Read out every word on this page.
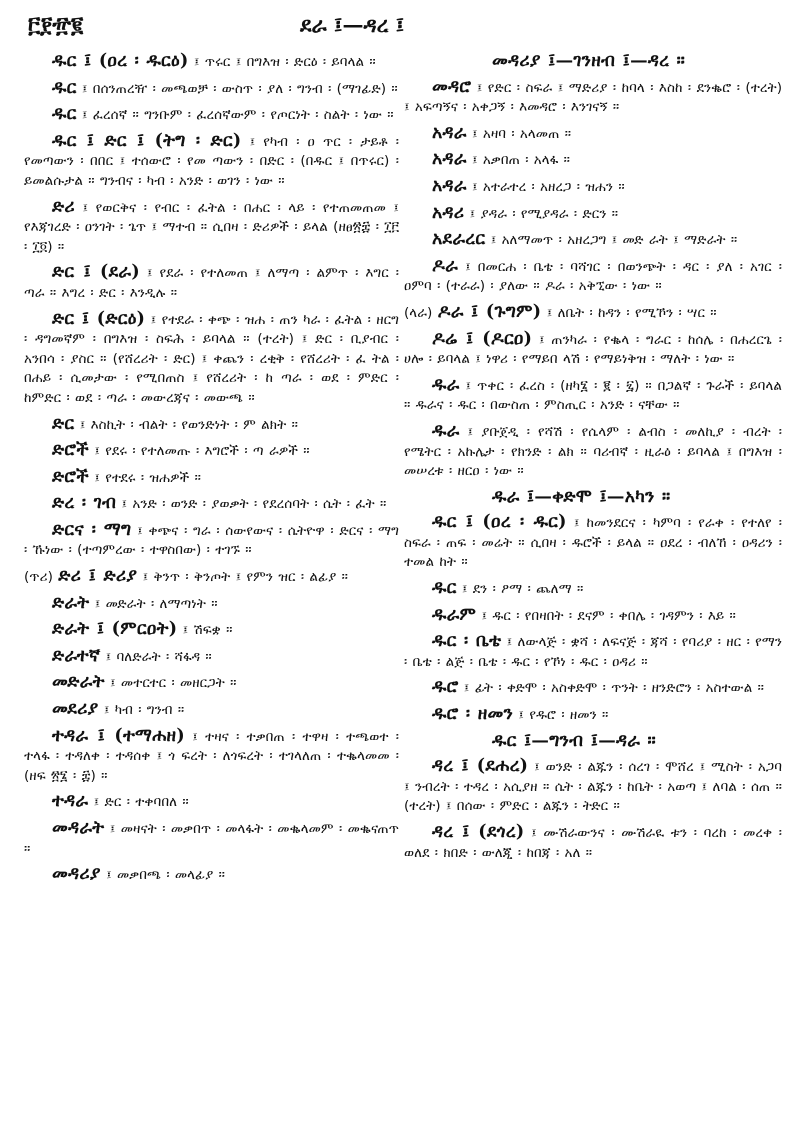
፫፻፹፪	ደራ ፤—ዳረ ፤

ዱር ፤ (ዐረ ፡ ዱርዕ) ፤ ጥሩር ፤ በግእዝ ፡ ድርዕ ፡ ይባላል ።

ዱር ፤ በሰንጠረዥ ፡ መጫወቻ ፡ ውስጥ ፡ ያለ ፡ ግንብ ፡ (ማገፊድ) ።

ዱር ፤ ፈረሰኛ ። ግንቡም ፡ ፈረሰኛውም ፡ የጦርነት ፡ ስልት ፡ ነው ።

ዱር ፤ ድር ፤ (ትግ ፡ ድር) ፤ የካብ ፡ ዐ ጥር ፡ ታይቶ ፡ የመጣውን ፡ በበር ፤ ተሰውሮ ፡ የመ ጣውን ፡ በድር ፡ (በዱር ፤ በጥሩር) ፡ ይመልሱታል ። ግንብና ፡ ካብ ፡ አንድ ፡ ወገን ፡ ነው ።

ድሪ ፤ የወርቅና ፡ የብር ፡ ፈትል ፡ በሐር ፡ ላይ ፡ የተጠመጠመ ፤ የእጃገረድ ፡ ዐንገት ፡ ጌጥ ፤ ማተብ ። ሲበዛ ፡ ድሪዎች ፡ ይላል (ዘፀ፳፰ ፡ ፲፫ ፡ ፲፬) ።

ድር ፤ (ደራ) ፤ የደራ ፡ የተለመጠ ፤ ለማጣ ፡ ልምጥ ፡ እግር ፡ ጣራ ። እግረ ፡ ድር ፡ እንዲሉ ።

ድር ፤ (ድርዕ) ፤ የተደራ ፡ ቀጭ ፡ ዝሐ ፡ ጠን ካራ ፡ ፈትል ፡ ዘርግ ፡ ዳግመኛም ፡ በግእዝ ፡ ስፍሕ ፡ ይባላል ። (ተረት) ፤ ድር ፡ ቢያብር ፡ አንበሳ ፡ ያስር ። (የሸረሪት ፡ ድር) ፤ ቀጨን ፡ ረቂቅ ፡ የሸረሪት ፡ ፈ ትል ፡ በሐይ ፡ ሲመታው ፡ የሚበጠስ ፤ የሸረሪት ፡ ከ ጣራ ፡ ወደ ፡ ምድር ፡ ከምድር ፡ ወደ ፡ ጣራ ፡ መውረጃና ፡ መውጫ ።

ድር ፤ እስኪት ፡ ብልት ፡ የወንድነት ፡ ም ልክት ።

ድሮች ፤ የደሩ ፡ የተለመጡ ፡ እግሮች ፡ ጣ ራዎች ።

ድሮች ፤ የተደሩ ፡ ዝሐዎች ።

ድረ ፡ ገብ ፤ አንድ ፡ ወንድ ፡ ያወቃት ፡ የደረሰባት ፡ ሴት ፡ ፈት ።

ድርና ፡ ማግ ፤ ቀጭና ፡ ግራ ፡ ሰውየውና ፡ ሴትዮዋ ፡ ድርና ፡ ማግ ፡ ኹነው ፡ (ተጣምረው ፡ ተዋስበው) ፡ ተገኙ ።

(ጥሪ) ድሪ ፤ ድሪያ ፤ ቅንጥ ፡ ቅንጦት ፤ የምን ዝር ፡ ልፊያ ።

ድራት ፤ መድራት ፡ ለማጣነት ።

ድራት ፤ (ምርዐት) ፤ ሽፍቋ ።

ድራተኛ ፤ ባለድራት ፡ ሻፋዳ ።

መድራት ፤ መተርተር ፡ መዘርጋት ።

መደሪያ ፤ ካብ ፡ ግንብ ።

ተዳራ ፤ (ተማሐዘ) ፤ ተዛና ፡ ተቃበጠ ፡ ተዋዛ ፡ ተጫወተ ፡ ተላፋ ፡ ተዳለቀ ፡ ተዳሰቀ ፤ ጎ ፍረት ፡ ለጎፍረት ፡ ተገላለጠ ፡ ተቈላመመ ፡ (ዘፍ ፳፮ ፡ ፰) ።

ተዳራ ፤ ድር ፡ ተቀባበለ ።

መዳራት ፤ መዛናት ፡ መቃበጥ ፡ መላፋት ፡ መቈላመም ፡ መቈናጠጥ ።

መዳሪያ ፤ መቃበጫ ፡ መላፊያ ።

መዳሪያ ፤—ገንዘብ ፤—ዳረ ።

መዳሮ ፤ የድር ፡ ስፍራ ፤ ማድሪያ ፡ ከባላ ፡ እስከ ፡ ደንቈሮ ፡ (ተረት) ፤ አፍጣኝና ፡ አቀጋኝ ፡ እመዳሮ ፡ እንገናኝ ።

አዳራ ፤ አዛባ ፡ አላመጠ ።

አዳራ ፤ አቃበጠ ፡ አላፋ ።

አዳራ ፤ አተራተረ ፡ አዘረጋ ፡ ዝሐን ።

አዳሪ ፤ ያዳራ ፡ የሚያዳራ ፡ ድርን ።

አደራረር ፤ አለማመጥ ፡ አዘረጋግ ፤ መድ ራት ፤ ማድራት ።

ዶራ ፤ በመርሐ ፡ ቤቴ ፡ ባሻገር ፡ በወንጭት ፡ ዳር ፡ ያለ ፡ አገር ፡ ዐምባ ፡ (ተራራ) ፡ ያለው ። ዶራ ፡ አቅኚው ፡ ነው ።

(ላራ) ዶራ ፤ (ጉግም) ፤ ለቤት ፡ ከዳን ፡ የሚኾን ፡ ሣር ።

ዶሬ ፤ (ዶርዐ) ፤ ጠንካራ ፡ የቈላ ፡ ግራር ፡ ከሰሌ ፡ በሐረርጌ ፡ ሀሎ ፡ ይባላል ፤ ነዋሪ ፡ የማይበ ላሽ ፡ የማይነቅዝ ፡ ማለት ፡ ነው ።

ዱራ ፤ ጥቀር ፡ ፈረስ ፡ (ዘካ፮ ፡ ፪ ፡ ፯) ። በጋልኛ ፡ ጉራች ፡ ይባላል ። ዱራና ፡ ዱር ፡ በውስጠ ፡ ምስጢር ፡ አንድ ፡ ናቸው ።

ዱራ ፤ ያቡጀዲ ፡ የሻሽ ፡ የሴላም ፡ ልብስ ፡ መለኪያ ፡ ብረት ፡ የሜትር ፡ አኩሌታ ፡ የክንድ ፡ ልክ ። ባሪብኛ ፡ ዚራዕ ፡ ይባላል ፤ በግእዝ ፡ መሠረቱ ፡ ዘርዐ ፡ ነው ።

ዱራ ፤—ቀድሞ ፤—አካን ።

ዱር ፤ (ዐረ ፡ ዱር) ፤ ከመንደርና ፡ ካምባ ፡ የራቀ ፡ የተለየ ፡ ስፍራ ፡ ጠፍ ፡ መሬት ። ሲበዛ ፡ ዱሮች ፡ ይላል ። ዐደረ ፡ ብለኸ ፡ ዐዳሪን ፡ ተመል ከት ።

ዱር ፤ ደን ፡ ዖማ ፡ ጨለማ ።

ዱራም ፤ ዱር ፡ የበዛበት ፡ ደናም ፡ ቀበሌ ፡ ገዳምን ፡ እይ ።

ዱር ፡ ቤቴ ፤ ለውላጅ ፡ ቋሻ ፡ ለፍናጅ ፡ ጃሻ ፡ የባሪያ ፡ ዘር ፡ የማን ፡ ቤቴ ፡ ልጅ ፡ ቤቴ ፡ ዱር ፡ የኾነ ፡ ዱር ፡ ዐዳሪ ።

ዱሮ ፤ ፊት ፡ ቀድሞ ፡ አስቀድሞ ፡ ጥንት ፡ ዘንድሮን ፡ አስተውል ።

ዱሮ ፡ ዘመን ፤ የዱሮ ፡ ዘመን ።

ዱር ፤—ግንብ ፤—ዳራ ።

ዳረ ፤ (ደሐረ) ፤ ወንድ ፡ ልጁን ፡ ሰረገ ፡ ሞሸረ ፤ ሚስት ፡ አጋባ ፤ ንብረት ፡ ተዳረ ፡ አሲያዘ ። ሴት ፡ ልጁን ፡ ከቤት ፡ አወጣ ፤ ለባል ፡ ሰጠ ። (ተረት) ፤ በሰው ፡ ምድር ፡ ልጁን ፡ ትድር ።

ዳረ ፤ (ደጎረ) ፤ ሙሽራውንና ፡ ሙሽራዪ ቱን ፡ ባረከ ፡ መረቀ ፡ ወለደ ፡ ክበድ ፡ ውለጂ ፡ ከበጃ ፡ አለ ።
